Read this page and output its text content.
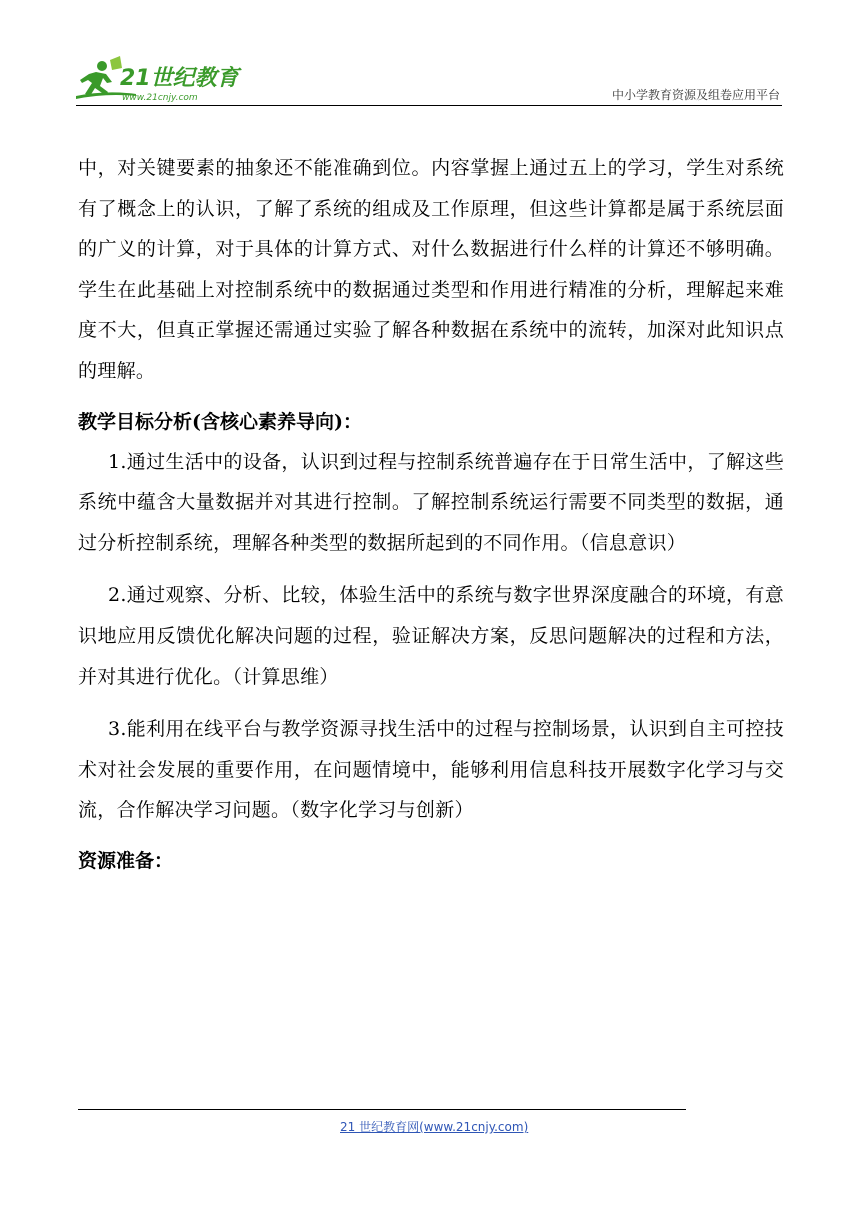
21世纪教育
www.21cnjy.com	中小学教育资源及组卷应用平台

中，对关键要素的抽象还不能准确到位。内容掌握上通过五上的学习，学生对系统有了概念上的认识，了解了系统的组成及工作原理，但这些计算都是属于系统层面的广义的计算，对于具体的计算方式、对什么数据进行什么样的计算还不够明确。学生在此基础上对控制系统中的数据通过类型和作用进行精准的分析，理解起来难度不大，但真正掌握还需通过实验了解各种数据在系统中的流转，加深对此知识点的理解。

教学目标分析(含核心素养导向)：

1.通过生活中的设备，认识到过程与控制系统普遍存在于日常生活中，了解这些系统中蕴含大量数据并对其进行控制。了解控制系统运行需要不同类型的数据，通过分析控制系统，理解各种类型的数据所起到的不同作用。（信息意识）

2.通过观察、分析、比较，体验生活中的系统与数字世界深度融合的环境，有意识地应用反馈优化解决问题的过程，验证解决方案，反思问题解决的过程和方法，并对其进行优化。（计算思维）

3.能利用在线平台与教学资源寻找生活中的过程与控制场景，认识到自主可控技术对社会发展的重要作用，在问题情境中，能够利用信息科技开展数字化学习与交流，合作解决学习问题。（数字化学习与创新）

资源准备：

21 世纪教育网(www.21cnjy.com)
